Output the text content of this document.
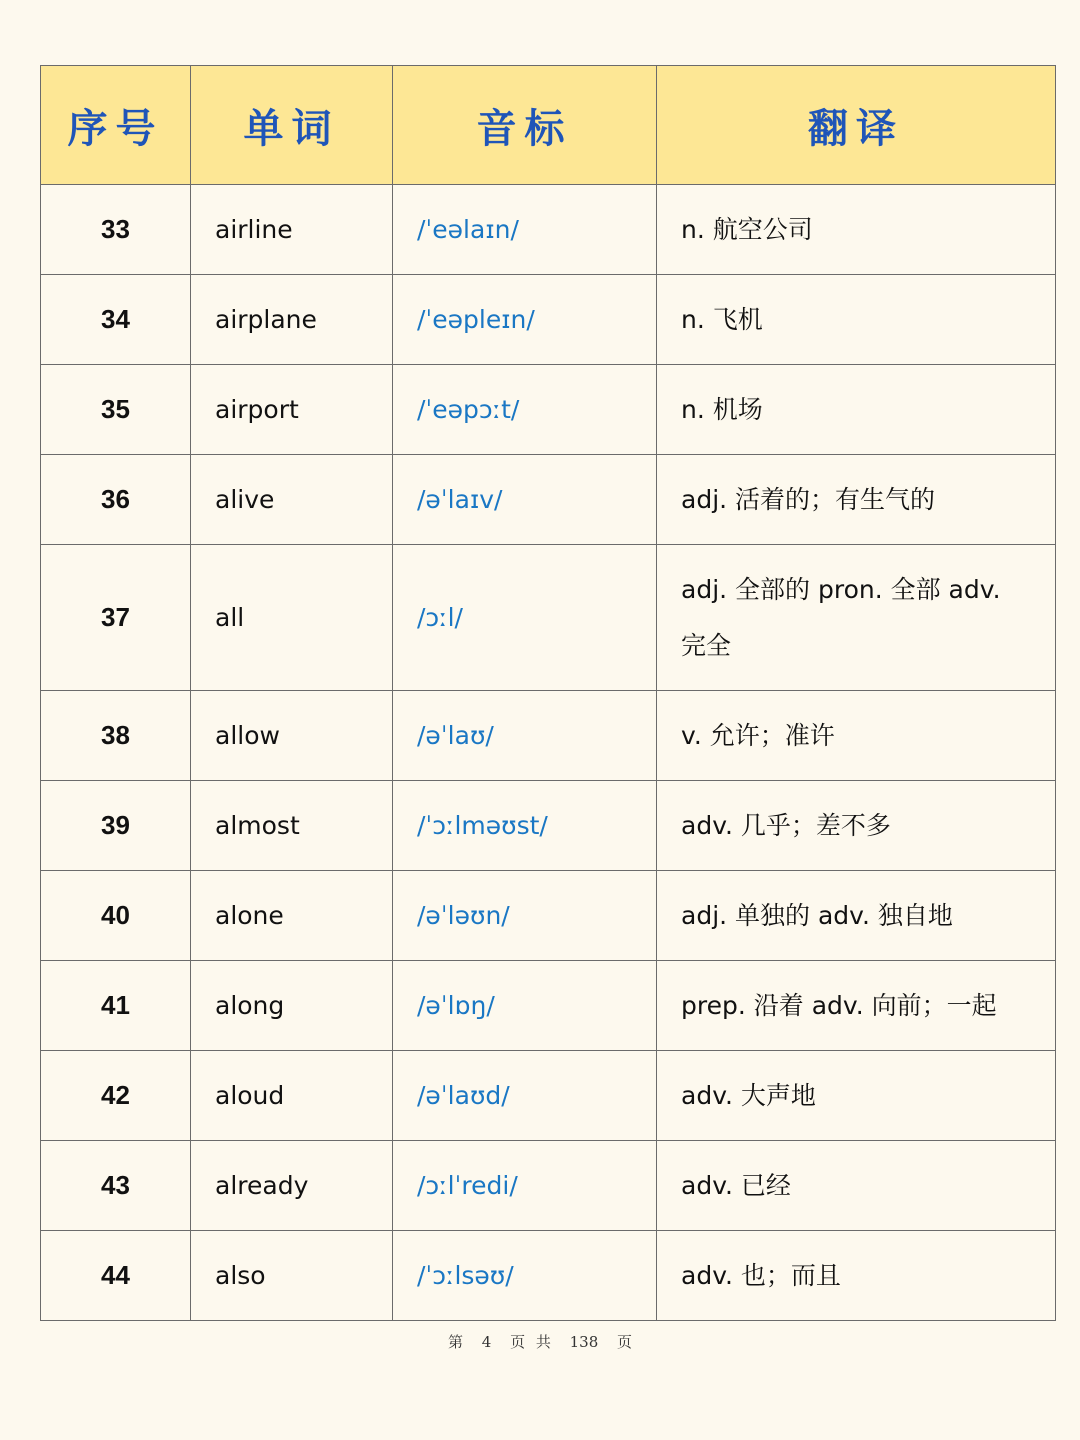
序号	单词	音标	翻译
33	airline	/ˈeəlaɪn/	n. 航空公司
34	airplane	/ˈeəpleɪn/	n. 飞机
35	airport	/ˈeəpɔːt/	n. 机场
36	alive	/əˈlaɪv/	adj. 活着的；有生气的
37	all	/ɔːl/	adj. 全部的 pron. 全部 adv. 完全
38	allow	/əˈlaʊ/	v. 允许；准许
39	almost	/ˈɔːlməʊst/	adv. 几乎；差不多
40	alone	/əˈləʊn/	adj. 单独的 adv. 独自地
41	along	/əˈlɒŋ/	prep. 沿着 adv. 向前；一起
42	aloud	/əˈlaʊd/	adv. 大声地
43	already	/ɔːlˈredi/	adv. 已经
44	also	/ˈɔːlsəʊ/	adv. 也；而且
第 4 页 共 138 页
